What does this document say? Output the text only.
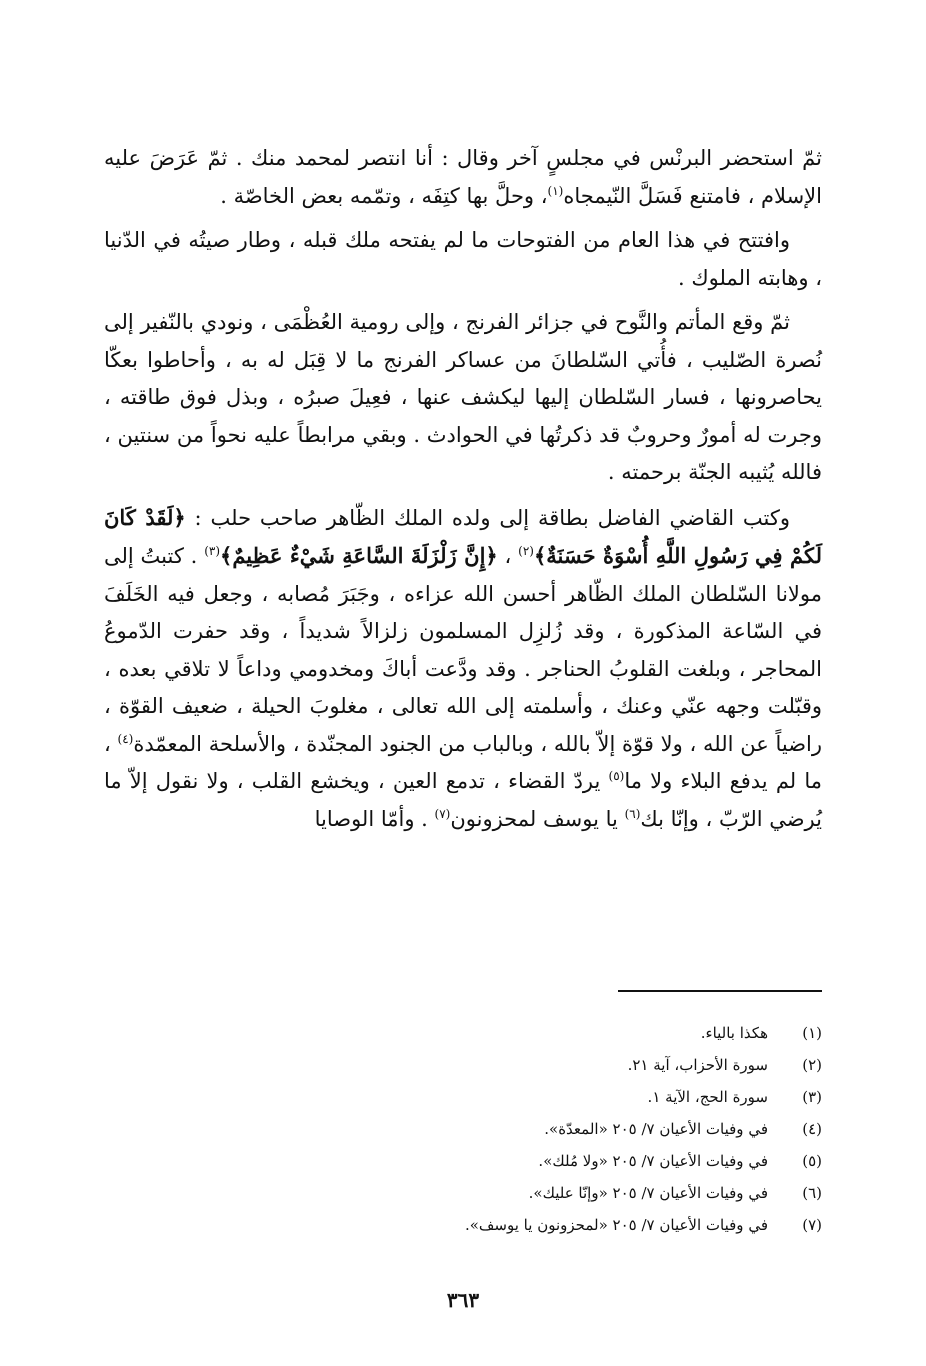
ثمّ استحضر البرنْس في مجلسٍ آخر وقال : أنا انتصر لمحمد منك . ثمّ عَرَضَ عليه الإسلام ، فامتنع فَسَلَّ النّيمجاه$^{(١)}$، وحلَّ بها كتِفَه ، وتمّمه بعض الخاصّة .

وافتتح في هذا العام من الفتوحات ما لم يفتحه ملك قبله ، وطار صيتُه في الدّنيا ، وهابته الملوك .

ثمّ وقع المأتم والنَّوح في جزائر الفرنج ، وإلى رومية العُظْمَى ، ونودي بالنّفير إلى نُصرة الصّليب ، فأُتي السّلطانَ من عساكر الفرنج ما لا قِبَل له به ، وأحاطوا بعكّا يحاصرونها ، فسار السّلطان إليها ليكشف عنها ، فعِيلَ صبرُه ، وبذل فوق طاقته ، وجرت له أمورٌ وحروبٌ قد ذكرتُها في الحوادث . وبقي مرابطاً عليه نحواً من سنتين ، فالله يُثيبه الجنّة برحمته .

وكتب القاضي الفاضل بطاقة إلى ولده الملك الظّاهر صاحب حلب : ﴿لَقَدْ كَانَ لَكُمْ فِي رَسُولِ اللَّهِ أُسْوَةٌ حَسَنَةٌ﴾$^{(٢)}$ ، ﴿إِنَّ زَلْزَلَةَ السَّاعَةِ شَيْءٌ عَظِيمٌ﴾$^{(٣)}$ . كتبتُ إلى مولانا السّلطان الملك الظّاهر أحسن الله عزاءه ، وجَبَرَ مُصابه ، وجعل فيه الخَلَفَ في السّاعة المذكورة ، وقد زُلزِل المسلمون زلزالاً شديداً ، وقد حفرت الدّموعُ المحاجر ، وبلغت القلوبُ الحناجر . وقد ودَّعت أباكَ ومخدومي وداعاً لا تلاقي بعده ، وقبّلت وجهه عنّي وعنك ، وأسلمته إلى الله تعالى ، مغلوبَ الحيلة ، ضعيف القوّة ، راضياً عن الله ، ولا قوّة إلاّ بالله ، وبالباب من الجنود المجنّدة ، والأسلحة المعمّدة$^{(٤)}$ ، ما لم يدفع البلاء ولا ما$^{(٥)}$ يردّ القضاء ، تدمع العين ، ويخشع القلب ، ولا نقول إلاّ ما يُرضي الرّبّ ، وإنّا بك$^{(٦)}$ يا يوسف لمحزونون$^{(٧)}$ . وأمّا الوصايا

(١)
هكذا بالياء.
(٢)
سورة الأحزاب، آية ٢١.
(٣)
سورة الحج، الآية ١.
(٤)
في وفيات الأعيان ٧/ ٢٠٥ «المعدّة».
(٥)
في وفيات الأعيان ٧/ ٢٠٥ «ولا مُلك».
(٦)
في وفيات الأعيان ٧/ ٢٠٥ «وإنّا عليك».
(٧)
في وفيات الأعيان ٧/ ٢٠٥ «لمحزونون يا يوسف».
٣٦٣
